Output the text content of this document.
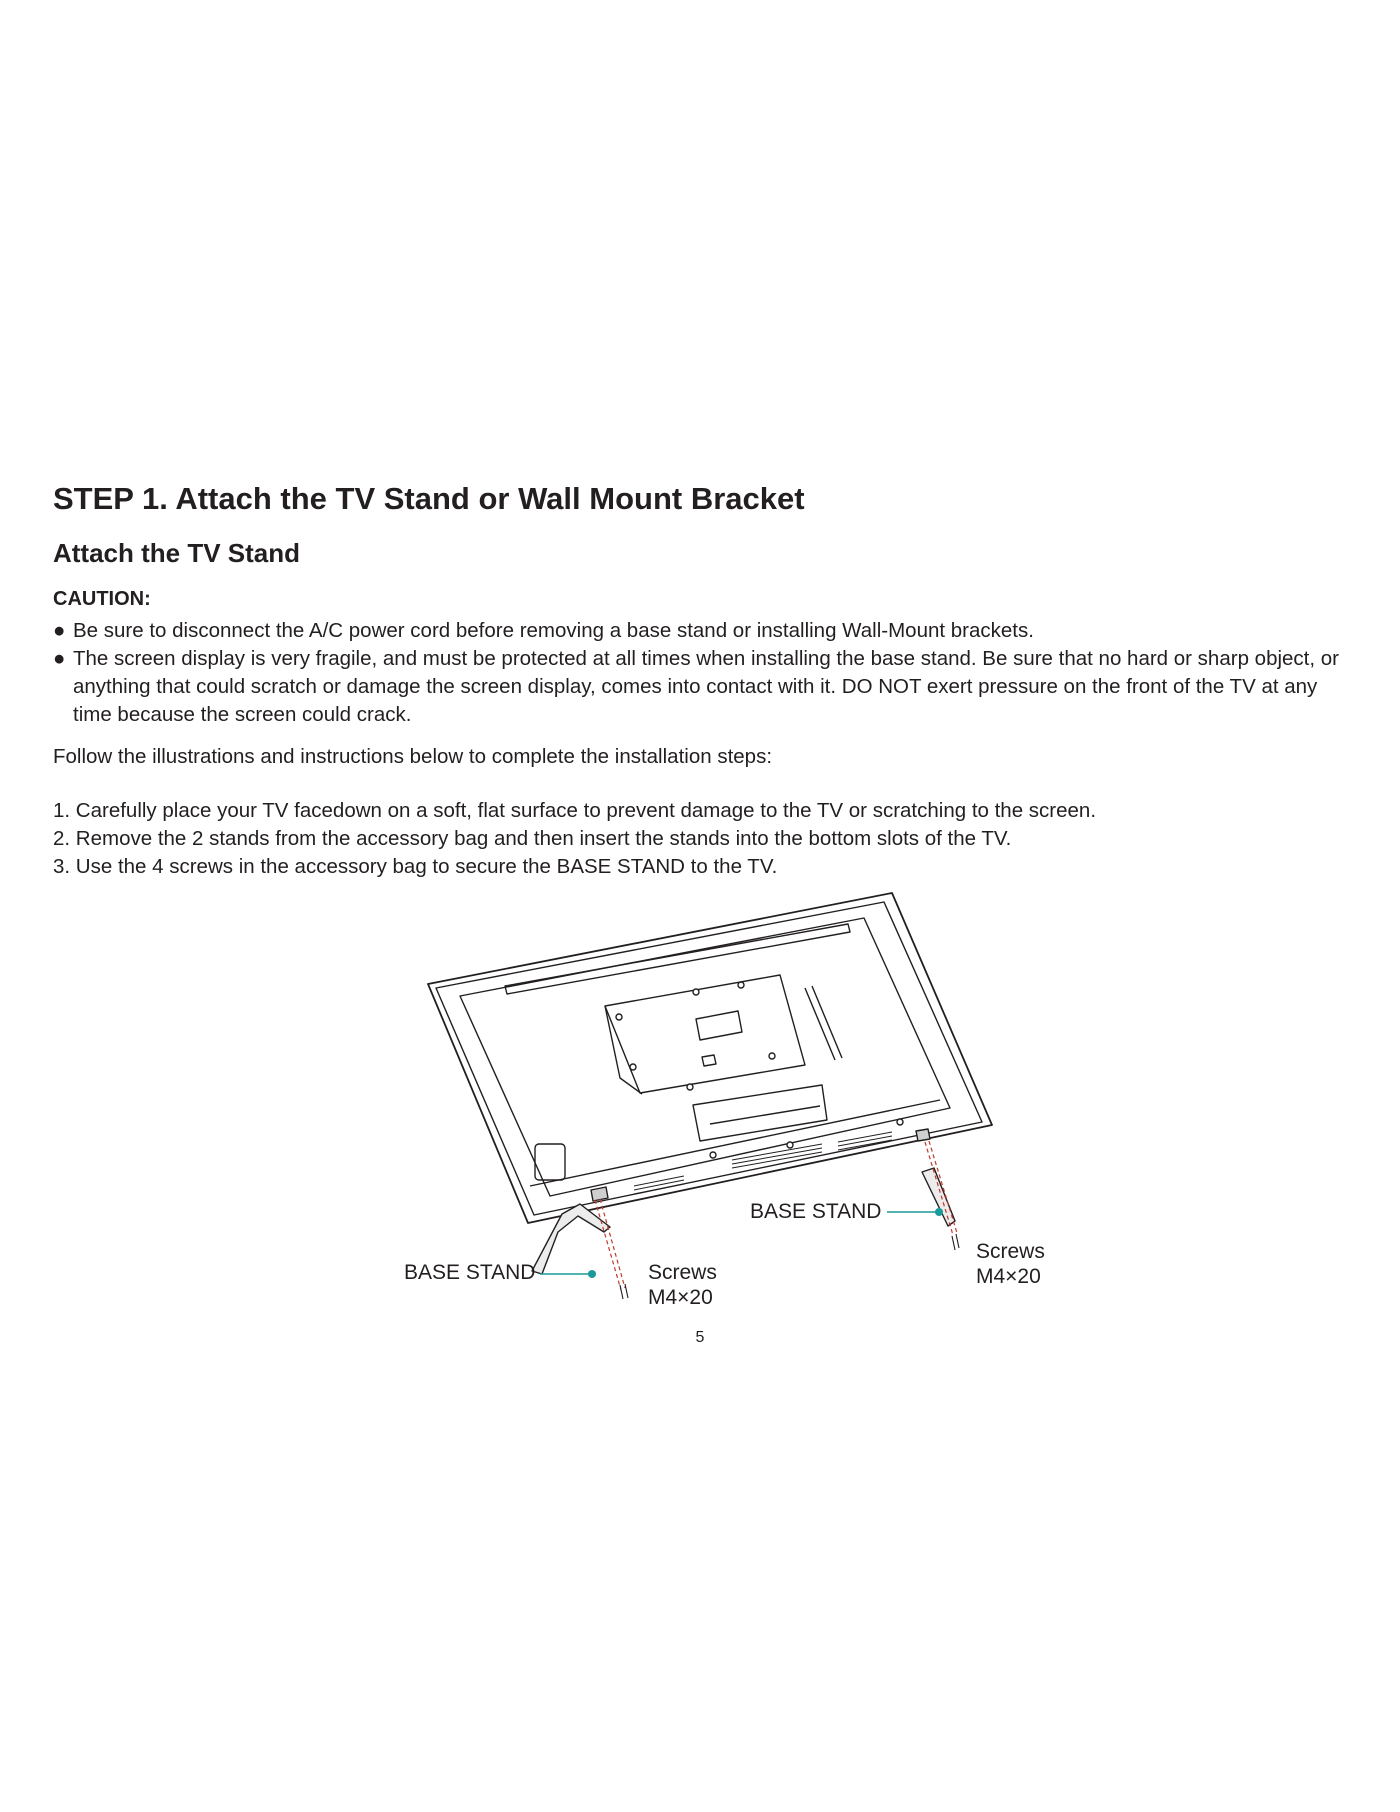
STEP 1. Attach the TV Stand or Wall Mount Bracket
Attach the TV Stand
CAUTION:
● Be sure to disconnect the A/C power cord before removing a base stand or installing Wall-Mount brackets.
● The screen display is very fragile, and must be protected at all times when installing the base stand. Be sure that no hard or sharp object, or anything that could scratch or damage the screen display, comes into contact with it. DO NOT exert pressure on the front of the TV at any time because the screen could crack.
Follow the illustrations and instructions below to complete the installation steps:
1. Carefully place your TV facedown on a soft, flat surface to prevent damage to the TV or scratching to the screen.
2. Remove the 2 stands from the accessory bag and then insert the stands into the bottom slots of the TV.
3. Use the 4 screws in the accessory bag to secure the BASE STAND to the TV.
BASE STAND
BASE STAND
Screws
M4×20
Screws
M4×20
5
